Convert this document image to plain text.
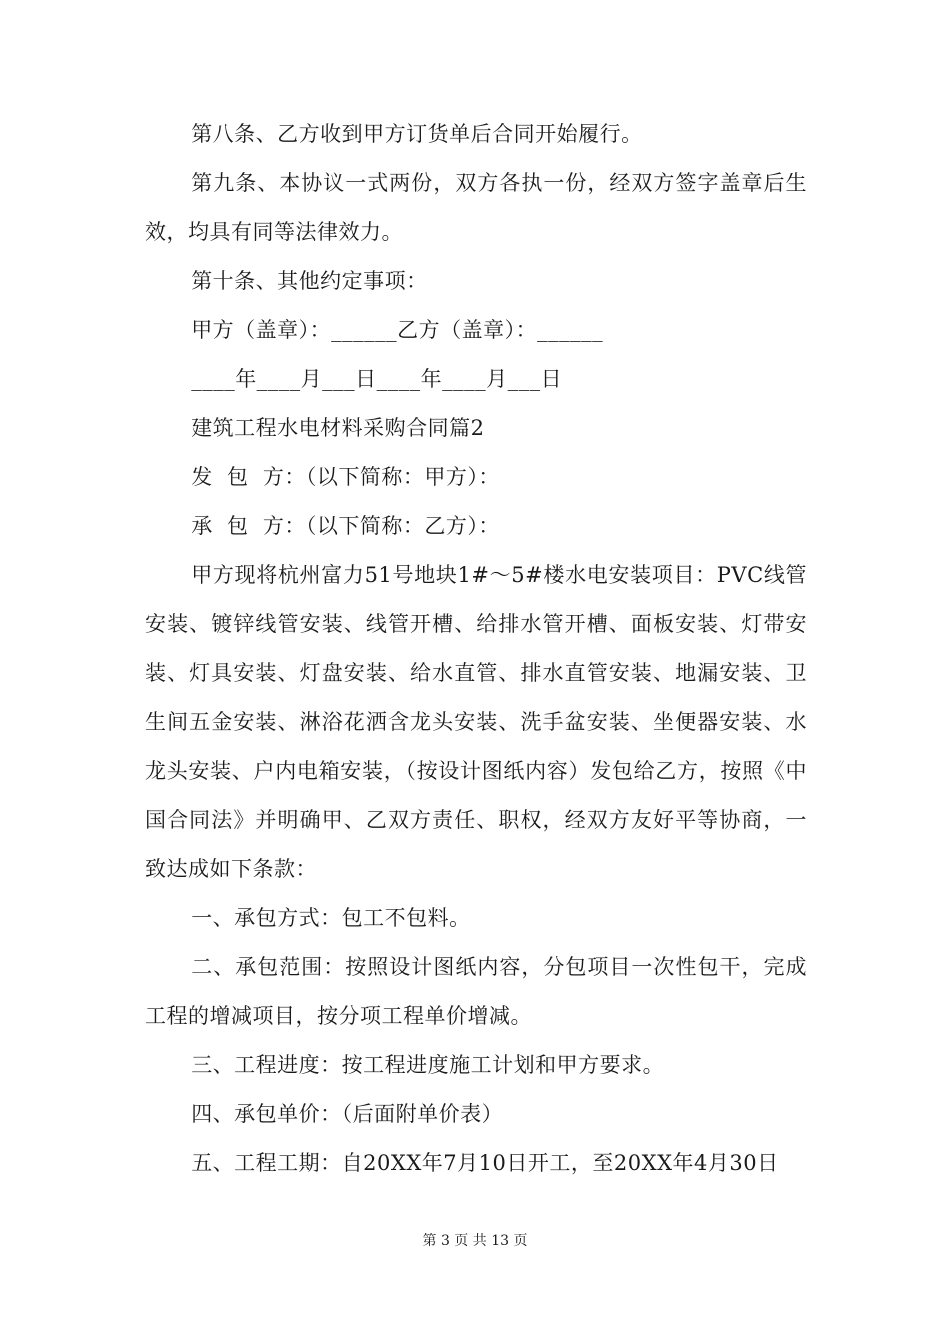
第八条、乙方收到甲方订货单后合同开始履行。

第九条、本协议一式两份，双方各执一份，经双方签字盖章后生效，均具有同等法律效力。

第十条、其他约定事项：

甲方（盖章）：______乙方（盖章）：______

____年____月___日____年____月___日

建筑工程水电材料采购合同篇2

发  包  方：（以下简称：甲方）：

承  包  方：（以下简称：乙方）：

甲方现将杭州富力51号地块1#～5#楼水电安装项目：PVC线管安装、镀锌线管安装、线管开槽、给排水管开槽、面板安装、灯带安装、灯具安装、灯盘安装、给水直管、排水直管安装、地漏安装、卫生间五金安装、淋浴花洒含龙头安装、洗手盆安装、坐便器安装、水龙头安装、户内电箱安装，（按设计图纸内容）发包给乙方，按照《中国合同法》并明确甲、乙双方责任、职权，经双方友好平等协商，一致达成如下条款：

一、承包方式：包工不包料。

二、承包范围：按照设计图纸内容，分包项目一次性包干，完成工程的增减项目，按分项工程单价增减。

三、工程进度：按工程进度施工计划和甲方要求。

四、承包单价：（后面附单价表）

五、工程工期：自20XX年7月10日开工，至20XX年4月30日

第 3 页 共 13 页
